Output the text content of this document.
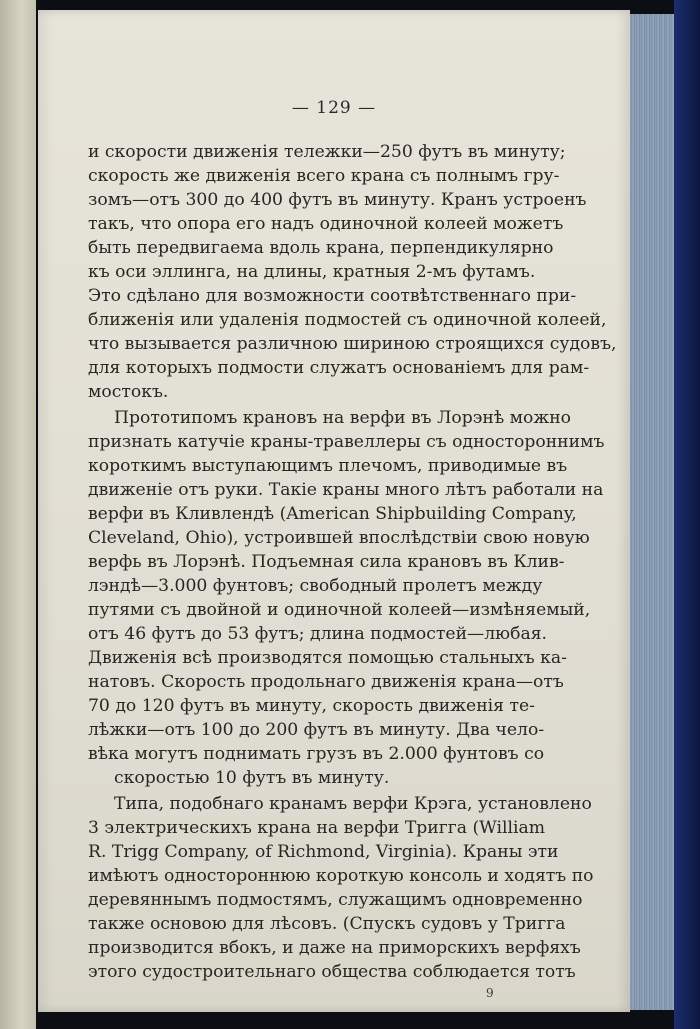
— 129 —
и скорости движенія тележки—250 футъ въ минуту;
скорость же движенія всего крана съ полнымъ гру-
зомъ—отъ 300 до 400 футъ въ минуту. Кранъ устроенъ
такъ, что опора его надъ одиночной колеей можетъ
быть передвигаема вдоль крана, перпендикулярно
къ оси эллинга, на длины, кратныя 2-мъ футамъ.
Это сдѣлано для возможности соотвѣтственнаго при-
ближенія или удаленія подмостей съ одиночной колеей,
что вызывается различною шириною строящихся судовъ,
для которыхъ подмости служатъ основаніемъ для рам-
мостокъ.
Прототипомъ крановъ на верфи въ Лорэнѣ можно
признать катучіе краны-травеллеры съ одностороннимъ
короткимъ выступающимъ плечомъ, приводимые въ
движеніе отъ руки. Такіе краны много лѣтъ работали на
верфи въ Кливлендѣ (American Shipbuilding Company,
Cleveland, Ohio), устроившей впослѣдствіи свою новую
верфь въ Лорэнѣ. Подъемная сила крановъ въ Клив-
лэндѣ—3.000 фунтовъ; свободный пролетъ между
путями съ двойной и одиночной колеей—измѣняемый,
отъ 46 футъ до 53 футъ; длина подмостей—любая.
Движенія всѣ производятся помощью стальныхъ ка-
натовъ. Скорость продольнаго движенія крана—отъ
70 до 120 футъ въ минуту, скорость движенія те-
лѣжки—отъ 100 до 200 футъ въ минуту. Два чело-
вѣка могутъ поднимать грузъ въ 2.000 фунтовъ со
скоростью 10 футъ въ минуту.
Типа, подобнаго кранамъ верфи Крэга, установлено
3 электрическихъ крана на верфи Тригга (William
R. Trigg Company, of Richmond, Virginia). Краны эти
имѣютъ одностороннюю короткую консоль и ходятъ по
деревяннымъ подмостямъ, служащимъ одновременно
также основою для лѣсовъ. (Спускъ судовъ у Тригга
производится вбокъ, и даже на приморскихъ верфяхъ
этого судостроительнаго общества соблюдается тотъ
9
